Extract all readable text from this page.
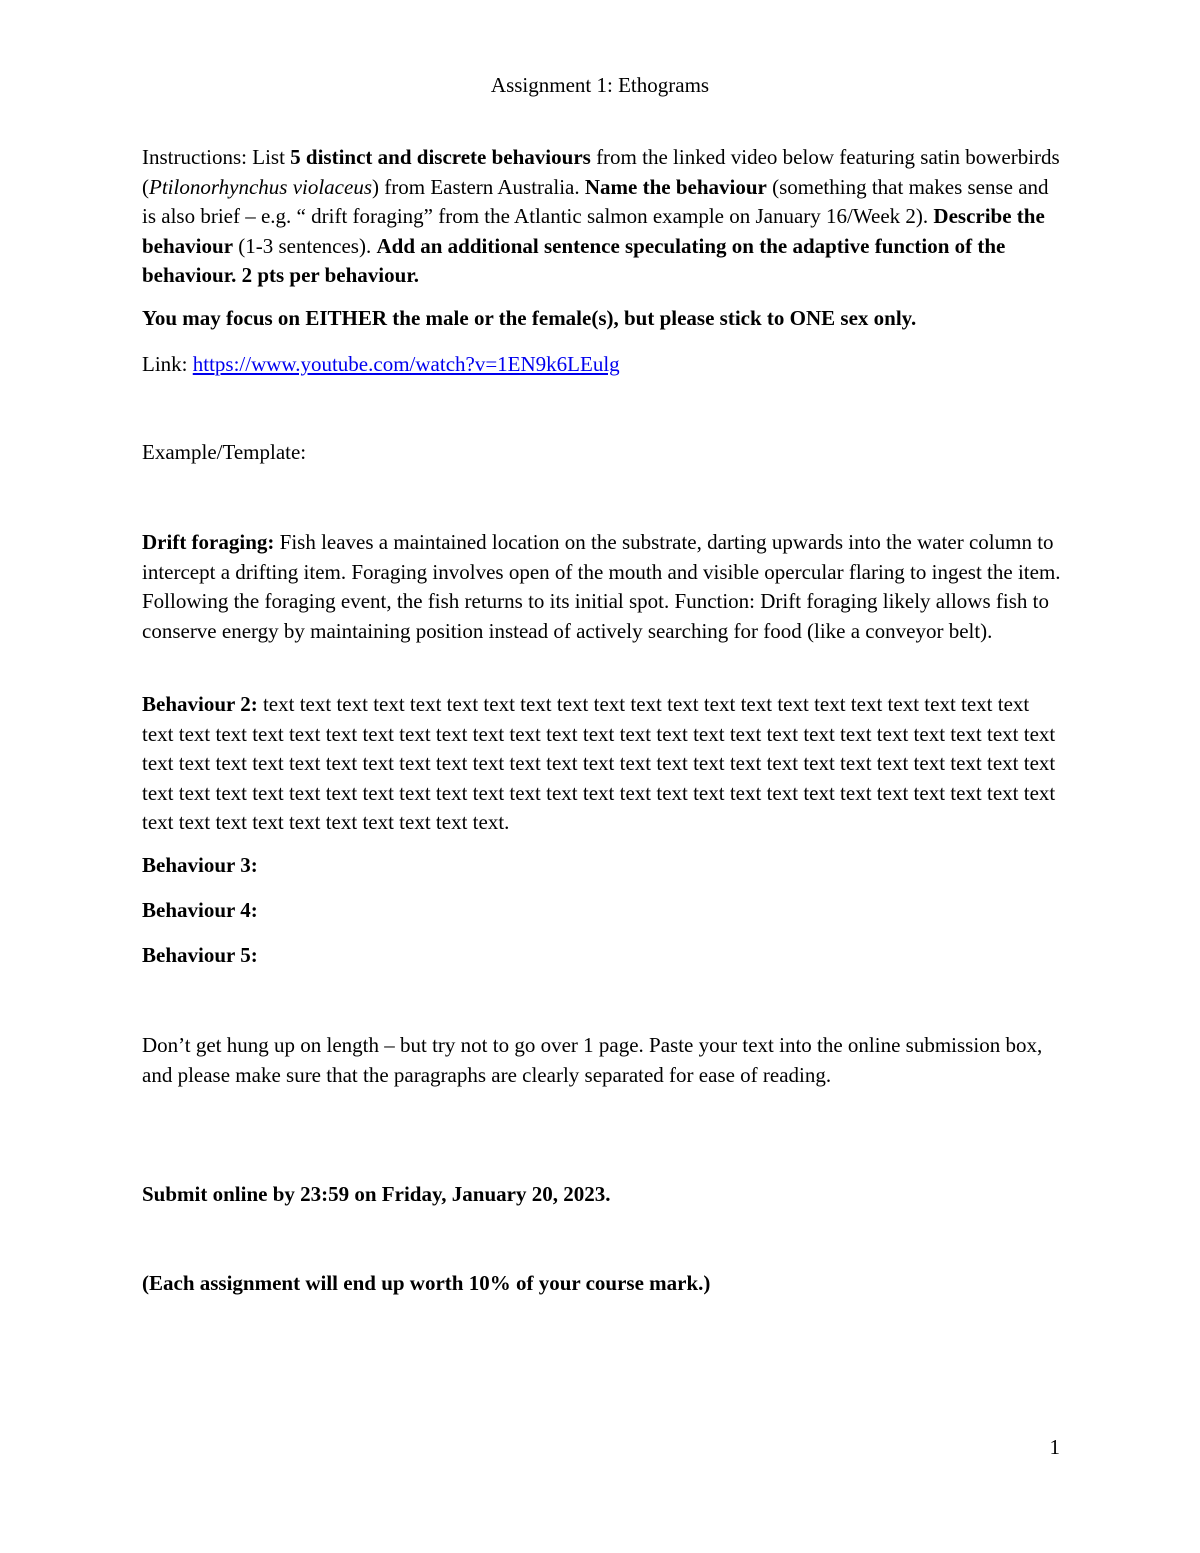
Assignment 1: Ethograms

Instructions: List 5 distinct and discrete behaviours from the linked video below featuring satin bowerbirds (Ptilonorhynchus violaceus) from Eastern Australia. Name the behaviour (something that makes sense and is also brief – e.g. “ drift foraging” from the Atlantic salmon example on January 16/Week 2). Describe the behaviour (1-3 sentences). Add an additional sentence speculating on the adaptive function of the behaviour. 2 pts per behaviour.

You may focus on EITHER the male or the female(s), but please stick to ONE sex only.

Link: https://www.youtube.com/watch?v=1EN9k6LEulg

Example/Template:

Drift foraging: Fish leaves a maintained location on the substrate, darting upwards into the water column to intercept a drifting item. Foraging involves open of the mouth and visible opercular flaring to ingest the item. Following the foraging event, the fish returns to its initial spot. Function: Drift foraging likely allows fish to conserve energy by maintaining position instead of actively searching for food (like a conveyor belt).

Behaviour 2: text text text text text text text text text text text text text text text text text text text text text text text text text text text text text text text text text text text text text text text text text text text text text text text text text text text text text text text text text text text text text text text text text text text text text text text text text text text text text text text text text text text text text text text text text text text text text text text text text text text text text text text text text text.

Behaviour 3:

Behaviour 4:

Behaviour 5:

Don’t get hung up on length – but try not to go over 1 page. Paste your text into the online submission box, and please make sure that the paragraphs are clearly separated for ease of reading.

Submit online by 23:59 on Friday, January 20, 2023.

(Each assignment will end up worth 10% of your course mark.)

1
